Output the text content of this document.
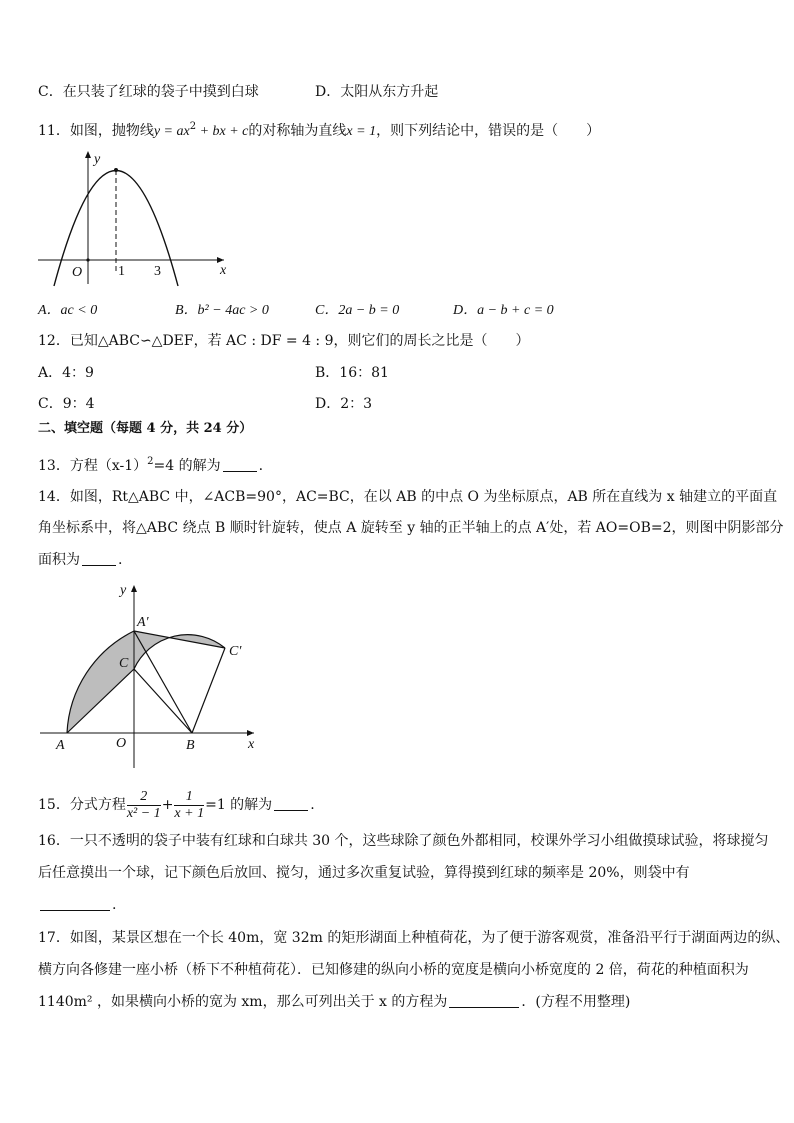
C．在只装了红球的袋子中摸到白球	D．太阳从东方升起
11．如图，抛物线$y = ax^2$ + bx + c的对称轴为直线x = 1，则下列结论中，错误的是（　　）
y
x
O	1 3
A．ac < 0	B．b² − 4ac > 0	C．2a − b = 0	D．a − b + c = 0
12．已知△ABC∽△DEF，若 AC : DF = 4 : 9，则它们的周长之比是（　　）
A．4：9	B．16：81
C．9：4	D．2：3
二、填空题（每题 4 分，共 24 分）
13．方程$(x-1)^2=4$ 的解为	.
14．如图，Rt△ABC 中，∠ACB=90°，AC=BC，在以 AB 的中点 O 为坐标原点，AB 所在直线为 x 轴建立的平面直
角坐标系中，将△ABC 绕点 B 顺时针旋转，使点 A 旋转至 y 轴的正半轴上的点 A′处，若 AO=OB=2，则图中阴影部分
面积为	.
y
x
A	O	B
C
A′
C′
15．分式方程 $\frac{2}{\text{x² − 1}} + \frac{1}{x + 1} =1$ 的解为	.
16．一只不透明的袋子中装有红球和白球共 30 个，这些球除了颜色外都相同，校课外学习小组做摸球试验，将球搅匀
后任意摸出一个球，记下颜色后放回、搅匀，通过多次重复试验，算得摸到红球的频率是 20%，则袋中有
.
17．如图，某景区想在一个长 40m，宽 32m 的矩形湖面上种植荷花，为了便于游客观赏，准备沿平行于湖面两边的纵、
横方向各修建一座小桥（桥下不种植荷花）．已知修建的纵向小桥的宽度是横向小桥宽度的 2 倍，荷花的种植面积为
1140m² ，如果横向小桥的宽为 xm，那么可列出关于 x 的方程为	．(方程不用整理)
